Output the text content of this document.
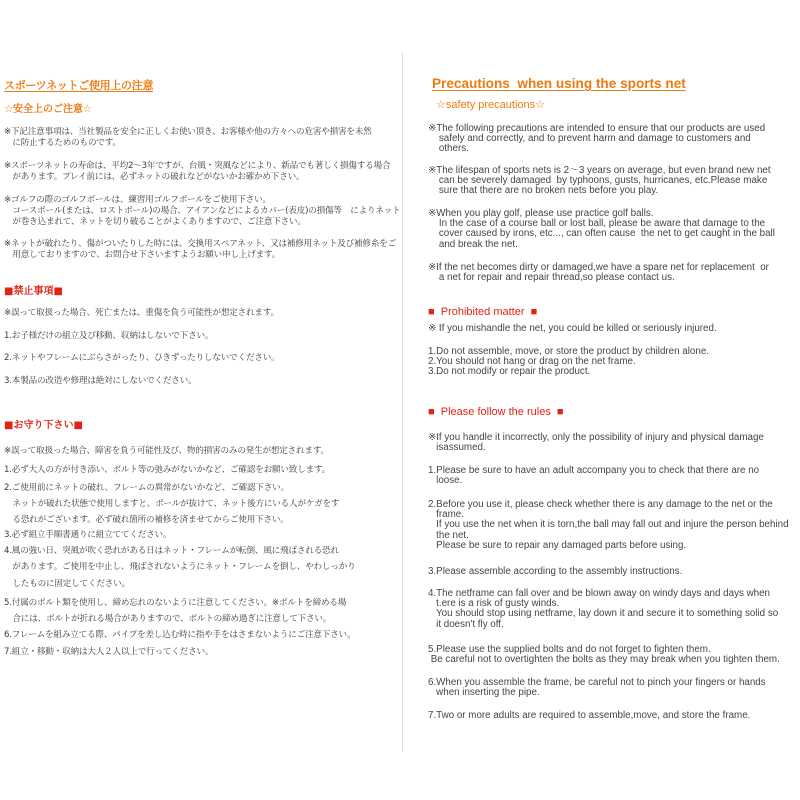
スポーツネットご使用上の注意

☆安全上のご注意☆

※下記注意事項は、当社製品を安全に正しくお使い頂き、お客様や他の方々への危害や損害を未然
　に防止するためのものです。

※スポーツネットの寿命は、平均2〜3年ですが、台風・突風などにより、新品でも著しく損傷する場合
　があります。プレイ前には、必ずネットの破れなどがないかお確かめ下さい。

※ゴルフの際のゴルフボールは、練習用ゴルフボールをご使用下さい。
　コースボール(または、ロストボール)の場合、アイアンなどによるカバー(表皮)の損傷等　によりネット
　が巻き込まれて、ネットを切り破ることがよくありますので、ご注意下さい。

※ネットが破れたり、傷がついたりした時には、交換用スペアネット、又は補修用ネット及び補修糸をご
　用意しておりますので、お問合せ下さいますようお願い申し上げます。

■禁止事項■

※誤って取扱った場合、死亡または、重傷を負う可能性が想定されます。

1.お子様だけの組立及び移動、収納はしないで下さい。

2.ネットやフレームにぶらさがったり、ひきずったりしないでください。

3.本製品の改造や修理は絶対にしないでください。

■お守り下さい■

※誤って取扱った場合、障害を負う可能性及び、物的損害のみの発生が想定されます。

1.必ず大人の方が付き添い、ボルト等の弛みがないかなど、ご確認をお願い致します。

2.ご使用前にネットの破れ、フレームの異常がないかなど、ご確認下さい。

　ネットが破れた状態で使用しますと、ボールが抜けて、ネット後方にいる人がケガをす

　る恐れがございます。必ず破れ箇所の補修を済ませてからご使用下さい。

3.必ず組立手順書通りに組立ててください。

4.風の強い日、突風が吹く恐れがある日はネット・フレームが転倒、風に飛ばされる恐れ

　があります。ご使用を中止し、飛ばされないようにネット・フレームを倒し、やわしっかり

　したものに固定してください。

5.付属のボルト類を使用し、締め忘れのないように注意してください。※ボルトを締める場

　合には、ボルトが折れる場合がありますので、ボルトの締め過ぎに注意して下さい。

6.フレームを組み立てる際、パイプを差し込む時に指や手をはさまないようにご注意下さい。

7.組立・移動・収納は大人２人以上で行ってください。

Precautions  when using the sports net

☆safety precautions☆

※The following precautions are intended to ensure that our products are used
safely and correctly, and to prevent harm and damage to customers and
others.

※The lifespan of sports nets is 2〜3 years on average, but even brand new net
can be severely damaged  by typhoons, gusts, hurricanes, etc.Please make
sure that there are no broken nets before you play.

※When you play golf, please use practice golf balls.
In the case of a course ball or lost ball, please be aware that damage to the
cover caused by irons, etc..., can often cause  the net to get caught in the ball
and break the net.

※If the net becomes dirty or damaged,we have a spare net for replacement  or
a net for repair and repair thread,so please contact us.

■  Prohibited matter  ■

※ If you mishandle the net, you could be killed or seriously injured.

1.Do not assemble, move, or store the product by children alone.
2.You should not hang or drag on the net frame.
3.Do not modify or repair the product.

■  Please follow the rules  ■

※If you handle it incorrectly, only the possibility of injury and physical damage
isassumed.

1.Please be sure to have an adult accompany you to check that there are no
loose.

2.Before you use it, please check whether there is any damage to the net or the
frame.
If you use the net when it is torn,the ball may fall out and injure the person behind
the net.
Please be sure to repair any damaged parts before using.

3.Please assemble according to the assembly instructions.

4.The netframe can fall over and be blown away on windy days and days when
t.ere is a risk of gusty winds.
You should stop using netframe, lay down it and secure it to something solid so
it doesn't fly off.

5.Please use the supplied bolts and do not forget to fighten them.
Be careful not to overtighten the bolts as they may break when you tighten them.

6.When you assemble the frame, be careful not to pinch your fingers or hands
when inserting the pipe.

7.Two or more adults are required to assemble,move, and store the frame.
